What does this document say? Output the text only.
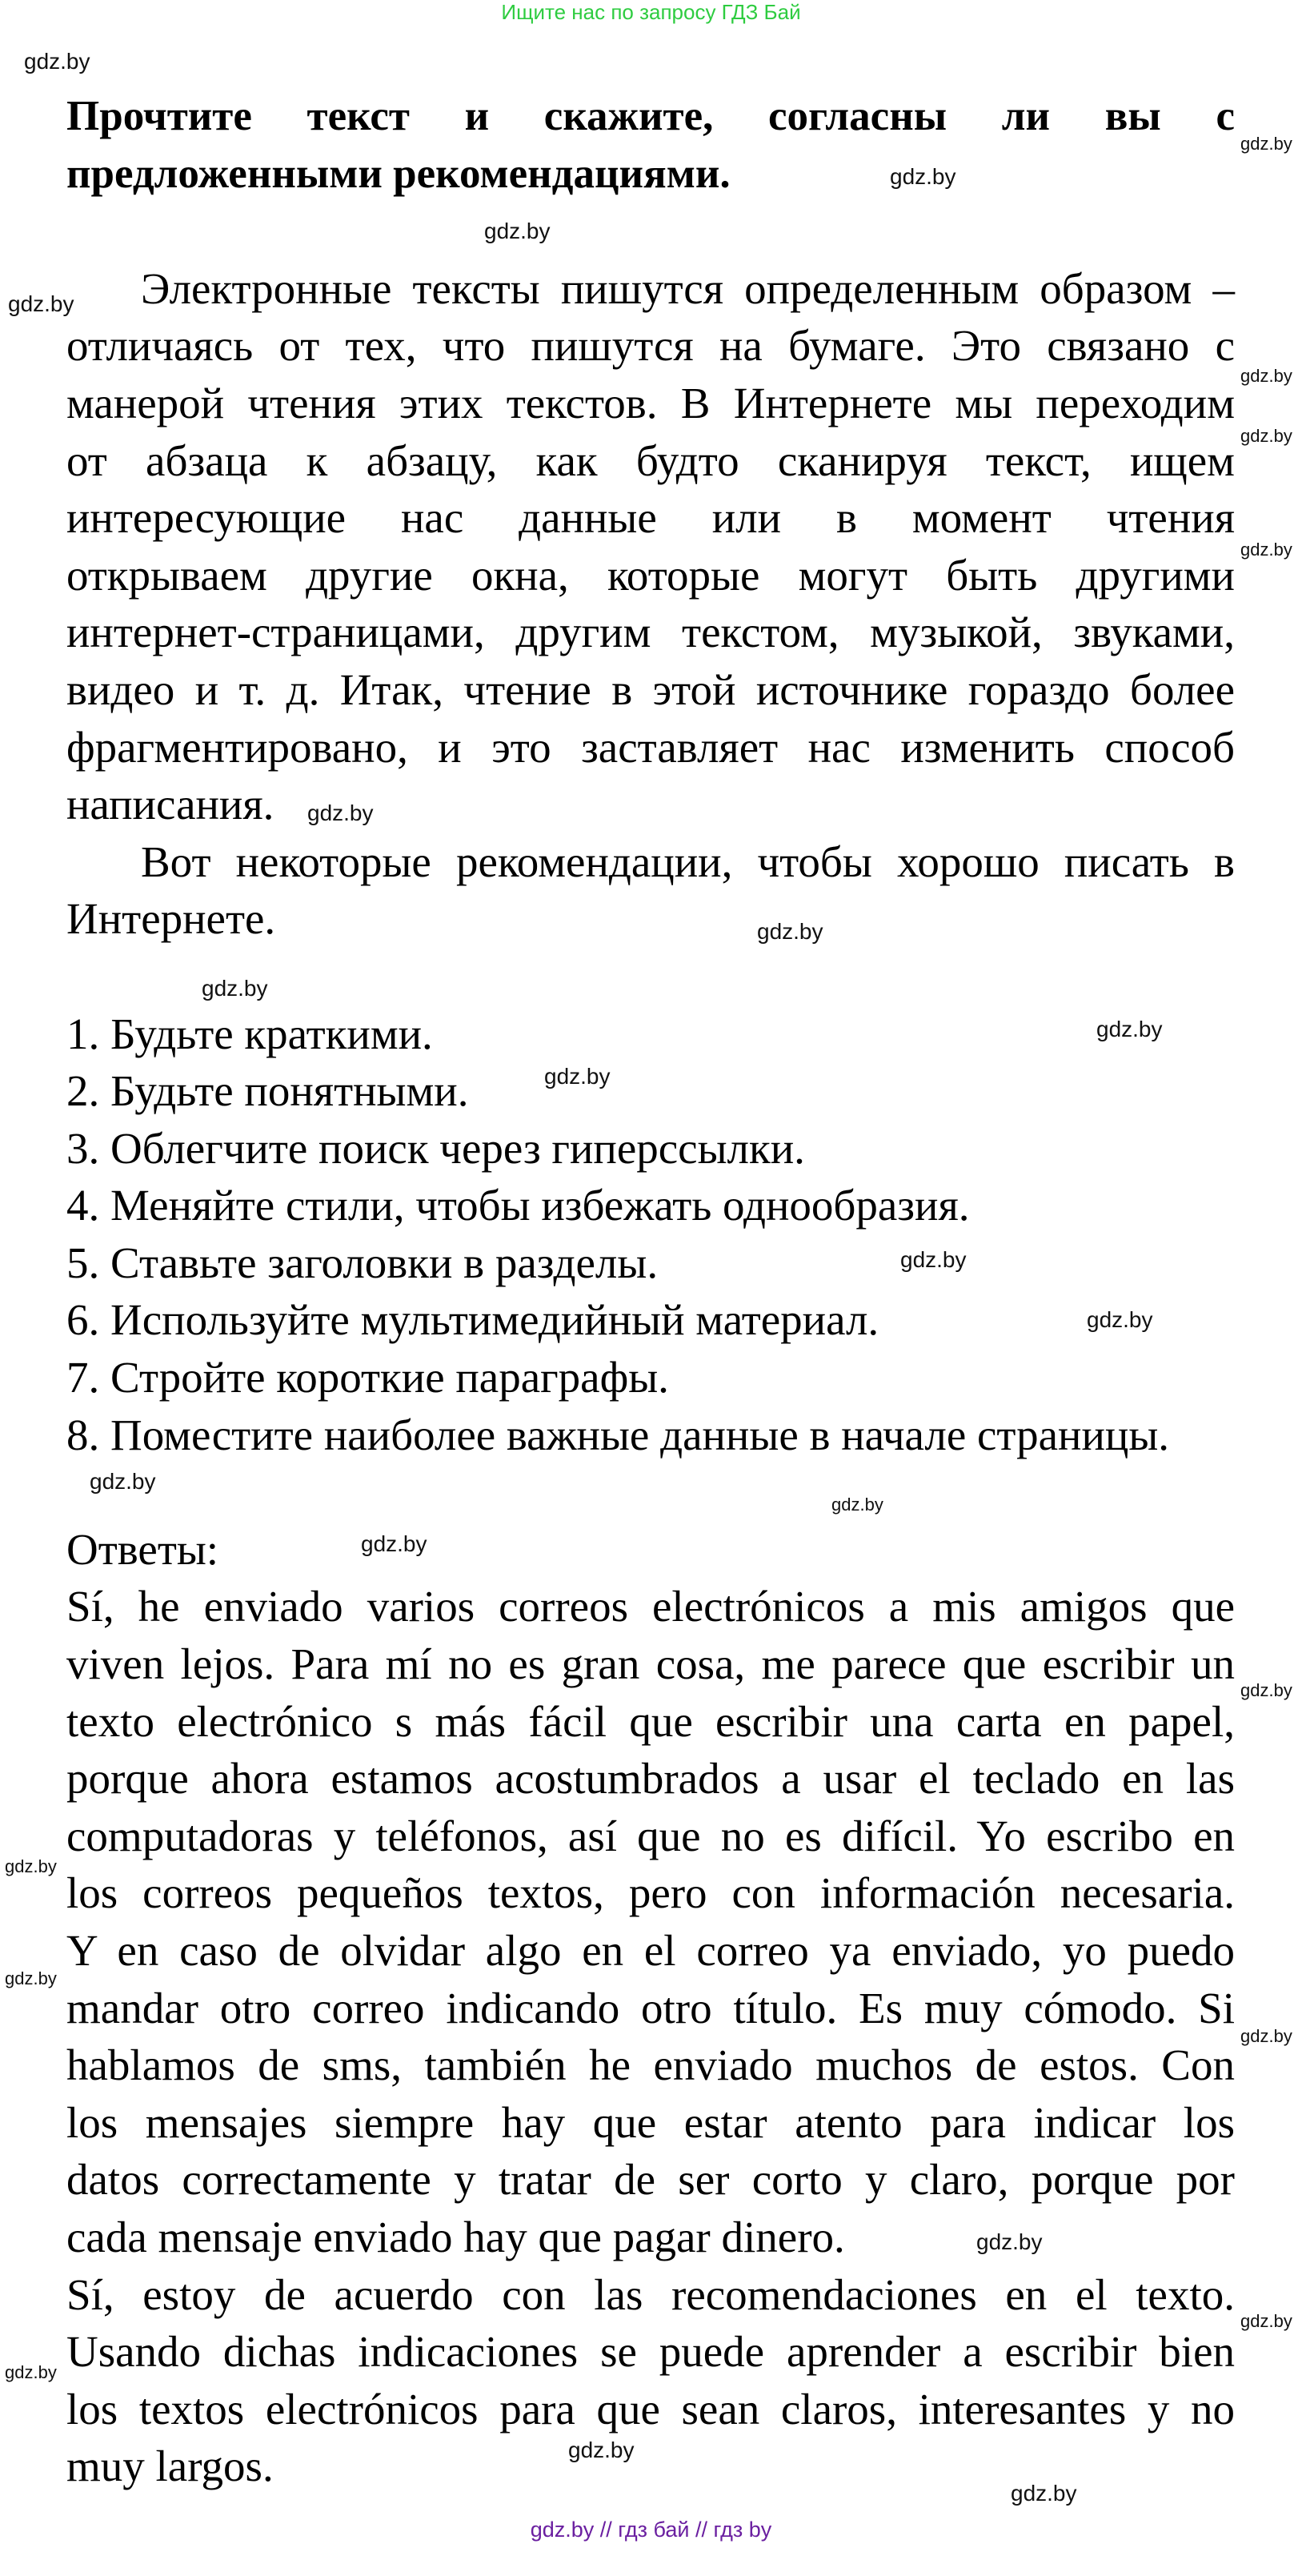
Ищите нас по запросу ГДЗ Бай
Прочтите текст и скажите, согласны ли вы с
предложенными рекомендациями.
Электронные тексты пишутся определенным образом –
отличаясь от тех, что пишутся на бумаге. Это связано с
манерой чтения этих текстов. В Интернете мы переходим
от абзаца к абзацу, как будто сканируя текст, ищем
интересующие нас данные или в момент чтения
открываем другие окна, которые могут быть другими
интернет-страницами, другим текстом, музыкой, звуками,
видео и т. д. Итак, чтение в этой источнике гораздо более
фрагментировано, и это заставляет нас изменить способ
написания.
Вот некоторые рекомендации, чтобы хорошо писать в
Интернете.
1. Будьте краткими.
2. Будьте понятными.
3. Облегчите поиск через гиперссылки.
4. Меняйте стили, чтобы избежать однообразия.
5. Ставьте заголовки в разделы.
6. Используйте мультимедийный материал.
7. Стройте короткие параграфы.
8. Поместите наиболее важные данные в начале страницы.
Ответы:
Sí, he enviado varios correos electrónicos a mis amigos que
viven lejos. Para mí no es gran cosa, me parece que escribir un
texto electrónico s más fácil que escribir una carta en papel,
porque ahora estamos acostumbrados a usar el teclado en las
computadoras y teléfonos, así que no es difícil. Yo escribo en
los correos pequeños textos, pero con información necesaria.
Y en caso de olvidar algo en el correo ya enviado, yo puedo
mandar otro correo indicando otro título. Es muy cómodo. Si
hablamos de sms, también he enviado muchos de estos. Con
los mensajes siempre hay que estar atento para indicar los
datos correctamente y tratar de ser corto y claro, porque por
cada mensaje enviado hay que pagar dinero.
Sí, estoy de acuerdo con las recomendaciones en el texto.
Usando dichas indicaciones se puede aprender a escribir bien
los textos electrónicos para que sean claros, interesantes y no
muy largos.
gdz.by
gdz.by
gdz.by
gdz.by
gdz.by
gdz.by
gdz.by
gdz.by
gdz.by
gdz.by
gdz.by
gdz.by
gdz.by
gdz.by
gdz.by
gdz.by
gdz.by
gdz.by
gdz.by
gdz.by
gdz.by
gdz.by
gdz.by
gdz.by
gdz.by
gdz.by
gdz.by
gdz.by // гдз бай // гдз by
